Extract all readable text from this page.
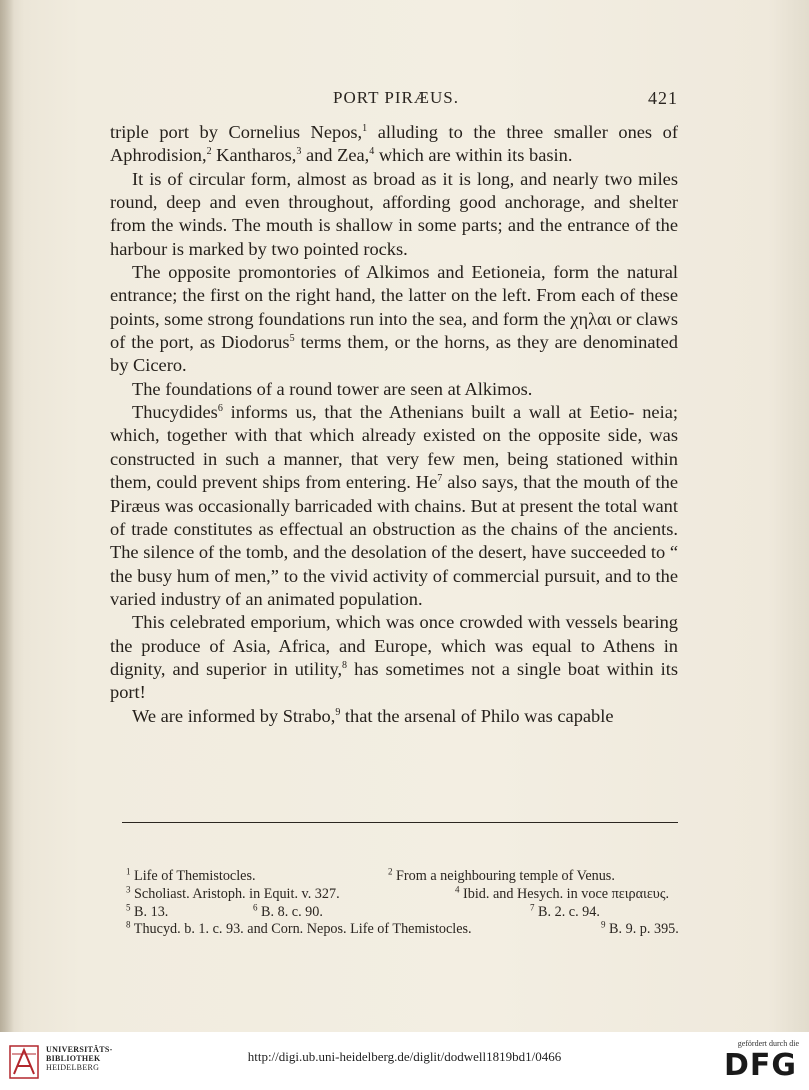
PORT PIRÆUS.	421

triple port by Cornelius Nepos,$^1$ alluding to the three smaller ones of Aphrodision,$^2$ Kantharos,$^3$ and Zea,$^4$ which are within its basin.

It is of circular form, almost as broad as it is long, and nearly two miles round, deep and even throughout, affording good anchorage, and shelter from the winds. The mouth is shallow in some parts; and the entrance of the harbour is marked by two pointed rocks.

The opposite promontories of Alkimos and Eetioneia, form the natural entrance; the first on the right hand, the latter on the left. From each of these points, some strong foundations run into the sea, and form the χηλαι or claws of the port, as Diodorus$^5$ terms them, or the horns, as they are denominated by Cicero.

The foundations of a round tower are seen at Alkimos.

Thucydides$^6$ informs us, that the Athenians built a wall at Eetio- neia; which, together with that which already existed on the opposite side, was constructed in such a manner, that very few men, being stationed within them, could prevent ships from entering. He$^7$ also says, that the mouth of the Piræus was occasionally barricaded with chains. But at present the total want of trade constitutes as effectual an obstruction as the chains of the ancients. The silence of the tomb, and the desolation of the desert, have succeeded to “ the busy hum of men,” to the vivid activity of commercial pursuit, and to the varied industry of an animated population.

This celebrated emporium, which was once crowded with vessels bearing the produce of Asia, Africa, and Europe, which was equal to Athens in dignity, and superior in utility,$^8$ has sometimes not a single boat within its port!

We are informed by Strabo,$^9$ that the arsenal of Philo was capable

$^1$ Life of Themistocles.	$^2$ From a neighbouring temple of Venus.
$^3$ Scholiast. Aristoph. in Equit. v. 327.	$^4$ Ibid. and Hesych. in voce πειραιευς.
$^5$ B. 13.	$^6$ B. 8. c. 90.	$^7$ B. 2. c. 94.
$^8$ Thucyd. b. 1. c. 93. and Corn. Nepos. Life of Themistocles.	$^9$ B. 9. p. 395.
UNIVERSITÄTS-
BIBLIOTHEK
HEIDELBERG
http://digi.ub.uni-heidelberg.de/diglit/dodwell1819bd1/0466
gefördert durch die
DFG
